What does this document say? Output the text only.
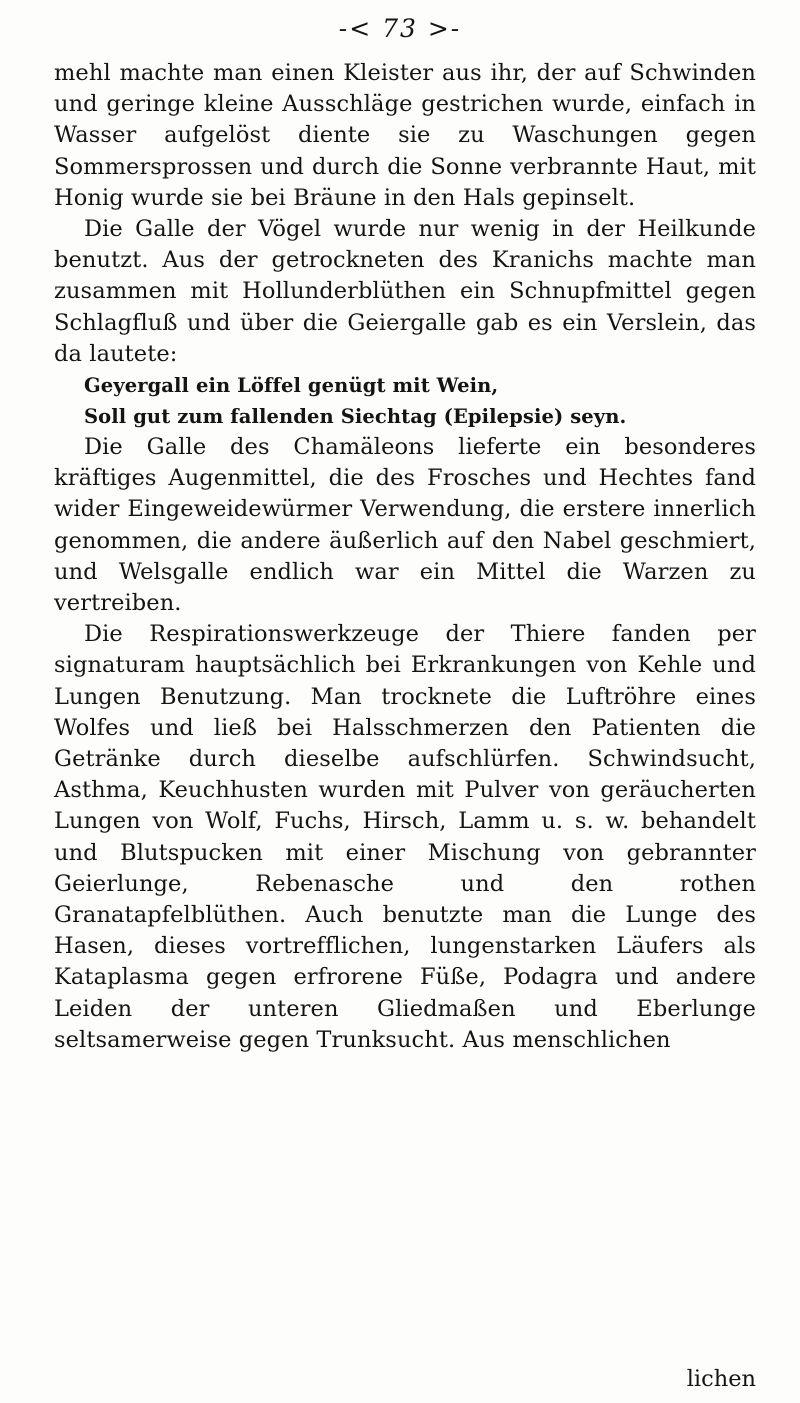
-< 73 >-

mehl machte man einen Kleister aus ihr, der auf Schwinden und geringe kleine Ausschläge gestrichen wurde, einfach in Wasser aufgelöst diente sie zu Waschungen gegen Sommersprossen und durch die Sonne verbrannte Haut, mit Honig wurde sie bei Bräune in den Hals gepinselt.

Die Galle der Vögel wurde nur wenig in der Heilkunde benutzt. Aus der getrockneten des Kranichs machte man zusammen mit Hollunderblüthen ein Schnupfmittel gegen Schlagfluß und über die Geiergalle gab es ein Verslein, das da lautete:

Geyergall ein Löffel genügt mit Wein,

Soll gut zum fallenden Siechtag (Epilepsie) seyn.

Die Galle des Chamäleons lieferte ein besonderes kräftiges Augenmittel, die des Frosches und Hechtes fand wider Eingeweidewürmer Verwendung, die erstere innerlich genommen, die andere äußerlich auf den Nabel geschmiert, und Welsgalle endlich war ein Mittel die Warzen zu vertreiben.

Die Respirationswerkzeuge der Thiere fanden per signaturam hauptsächlich bei Erkrankungen von Kehle und Lungen Benutzung. Man trocknete die Luftröhre eines Wolfes und ließ bei Halsschmerzen den Patienten die Getränke durch dieselbe aufschlürfen. Schwindsucht, Asthma, Keuchhusten wurden mit Pulver von geräucherten Lungen von Wolf, Fuchs, Hirsch, Lamm u. s. w. behandelt und Blutspucken mit einer Mischung von gebrannter Geierlunge, Rebenasche und den rothen Granatapfelblüthen. Auch benutzte man die Lunge des Hasen, dieses vortrefflichen, lungenstarken Läufers als Kataplasma gegen erfrorene Füße, Podagra und andere Leiden der unteren Gliedmaßen und Eberlunge seltsamerweise gegen Trunksucht. Aus menschlichen

lichen
